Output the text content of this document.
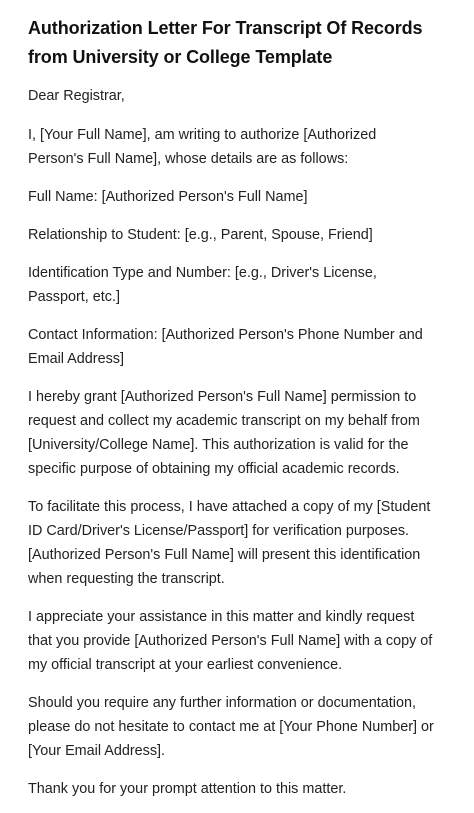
Authorization Letter For Transcript Of Records from University or College Template

Dear Registrar,

I, [Your Full Name], am writing to authorize [Authorized Person's Full Name], whose details are as follows:

Full Name: [Authorized Person's Full Name]

Relationship to Student: [e.g., Parent, Spouse, Friend]

Identification Type and Number: [e.g., Driver's License, Passport, etc.]

Contact Information: [Authorized Person's Phone Number and Email Address]

I hereby grant [Authorized Person's Full Name] permission to request and collect my academic transcript on my behalf from [University/College Name]. This authorization is valid for the specific purpose of obtaining my official academic records.

To facilitate this process, I have attached a copy of my [Student ID Card/Driver's License/Passport] for verification purposes. [Authorized Person's Full Name] will present this identification when requesting the transcript.

I appreciate your assistance in this matter and kindly request that you provide [Authorized Person's Full Name] with a copy of my official transcript at your earliest convenience.

Should you require any further information or documentation, please do not hesitate to contact me at [Your Phone Number] or [Your Email Address].

Thank you for your prompt attention to this matter.
